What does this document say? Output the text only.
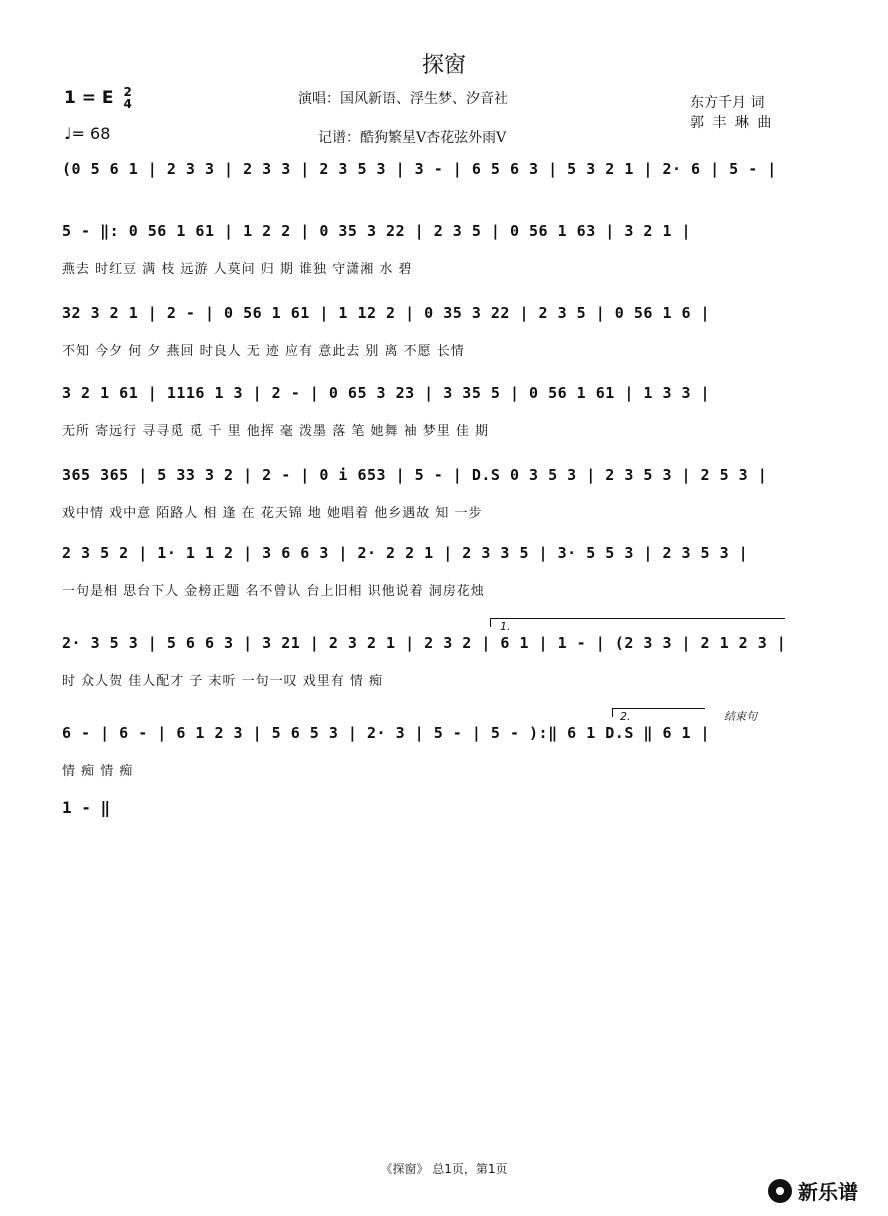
探窗
1 = E 2
4
♩= 68
演唱：国风新语、浮生梦、汐音社
记谱：酷狗繁星V杏花弦外雨V
东方千月 词
郭 丰 琳 曲
(0 5 6 1 | 2 3 3 | 2 3 3 | 2 3 5 3 | 3 - | 6 5 6 3 | 5 3 2 1 | 2· 6 | 5 - |
5 - ‖: 0 56 1 61 | 1 2 2 | 0 35 3 22 | 2 3 5 | 0 56 1 63 | 3 2 1 |
燕去 时红豆 满 枝 远游 人莫问 归 期 谁独 守潇湘 水 碧
32 3 2 1 | 2 - | 0 56 1 61 | 1 12 2 | 0 35 3 22 | 2 3 5 | 0 56 1 6 |
不知 今夕 何 夕 燕回 时良人 无 迹 应有 意此去 别 离 不愿 长情
3 2 1 61 | 1116 1 3 | 2 - | 0 65 3 23 | 3 35 5 | 0 56 1 61 | 1 3 3 |
无所 寄远行 寻寻觅 觅 千 里 他挥 毫 泼墨 落 笔 她舞 袖 梦里 佳 期
365 365 | 5 33 3 2 | 2 - | 0 i 653 | 5 - | D.S 0 3 5 3 | 2 3 5 3 | 2 5 3 |
戏中情 戏中意 陌路人 相 逢 在 花天锦 地 她唱着 他乡遇故 知 一步
2 3 5 2 | 1· 1 1 2 | 3 6 6 3 | 2· 2 2 1 | 2 3 3 5 | 3· 5 5 3 | 2 3 5 3 |
一句是相 思台下人 金榜正题 名不曾认 台上旧相 识他说着 洞房花烛
2· 3 5 3 | 5 6 6 3 | 3 21 | 2 3 2 1 | 2 3 2 | 6 1 | 1 - | (2 3 3 | 2 1 2 3 |
时 众人贺 佳人配才 子 末听 一句一叹 戏里有 情 痴
6 - | 6 - | 6 1 2 3 | 5 6 5 3 | 2· 3 | 5 - | 5 - ):‖ 6 1 D.S ‖ 6 1 |
情 痴 情 痴
1.
2.	结束句
1 - ‖
《探窗》 总1页，第1页
新乐谱
